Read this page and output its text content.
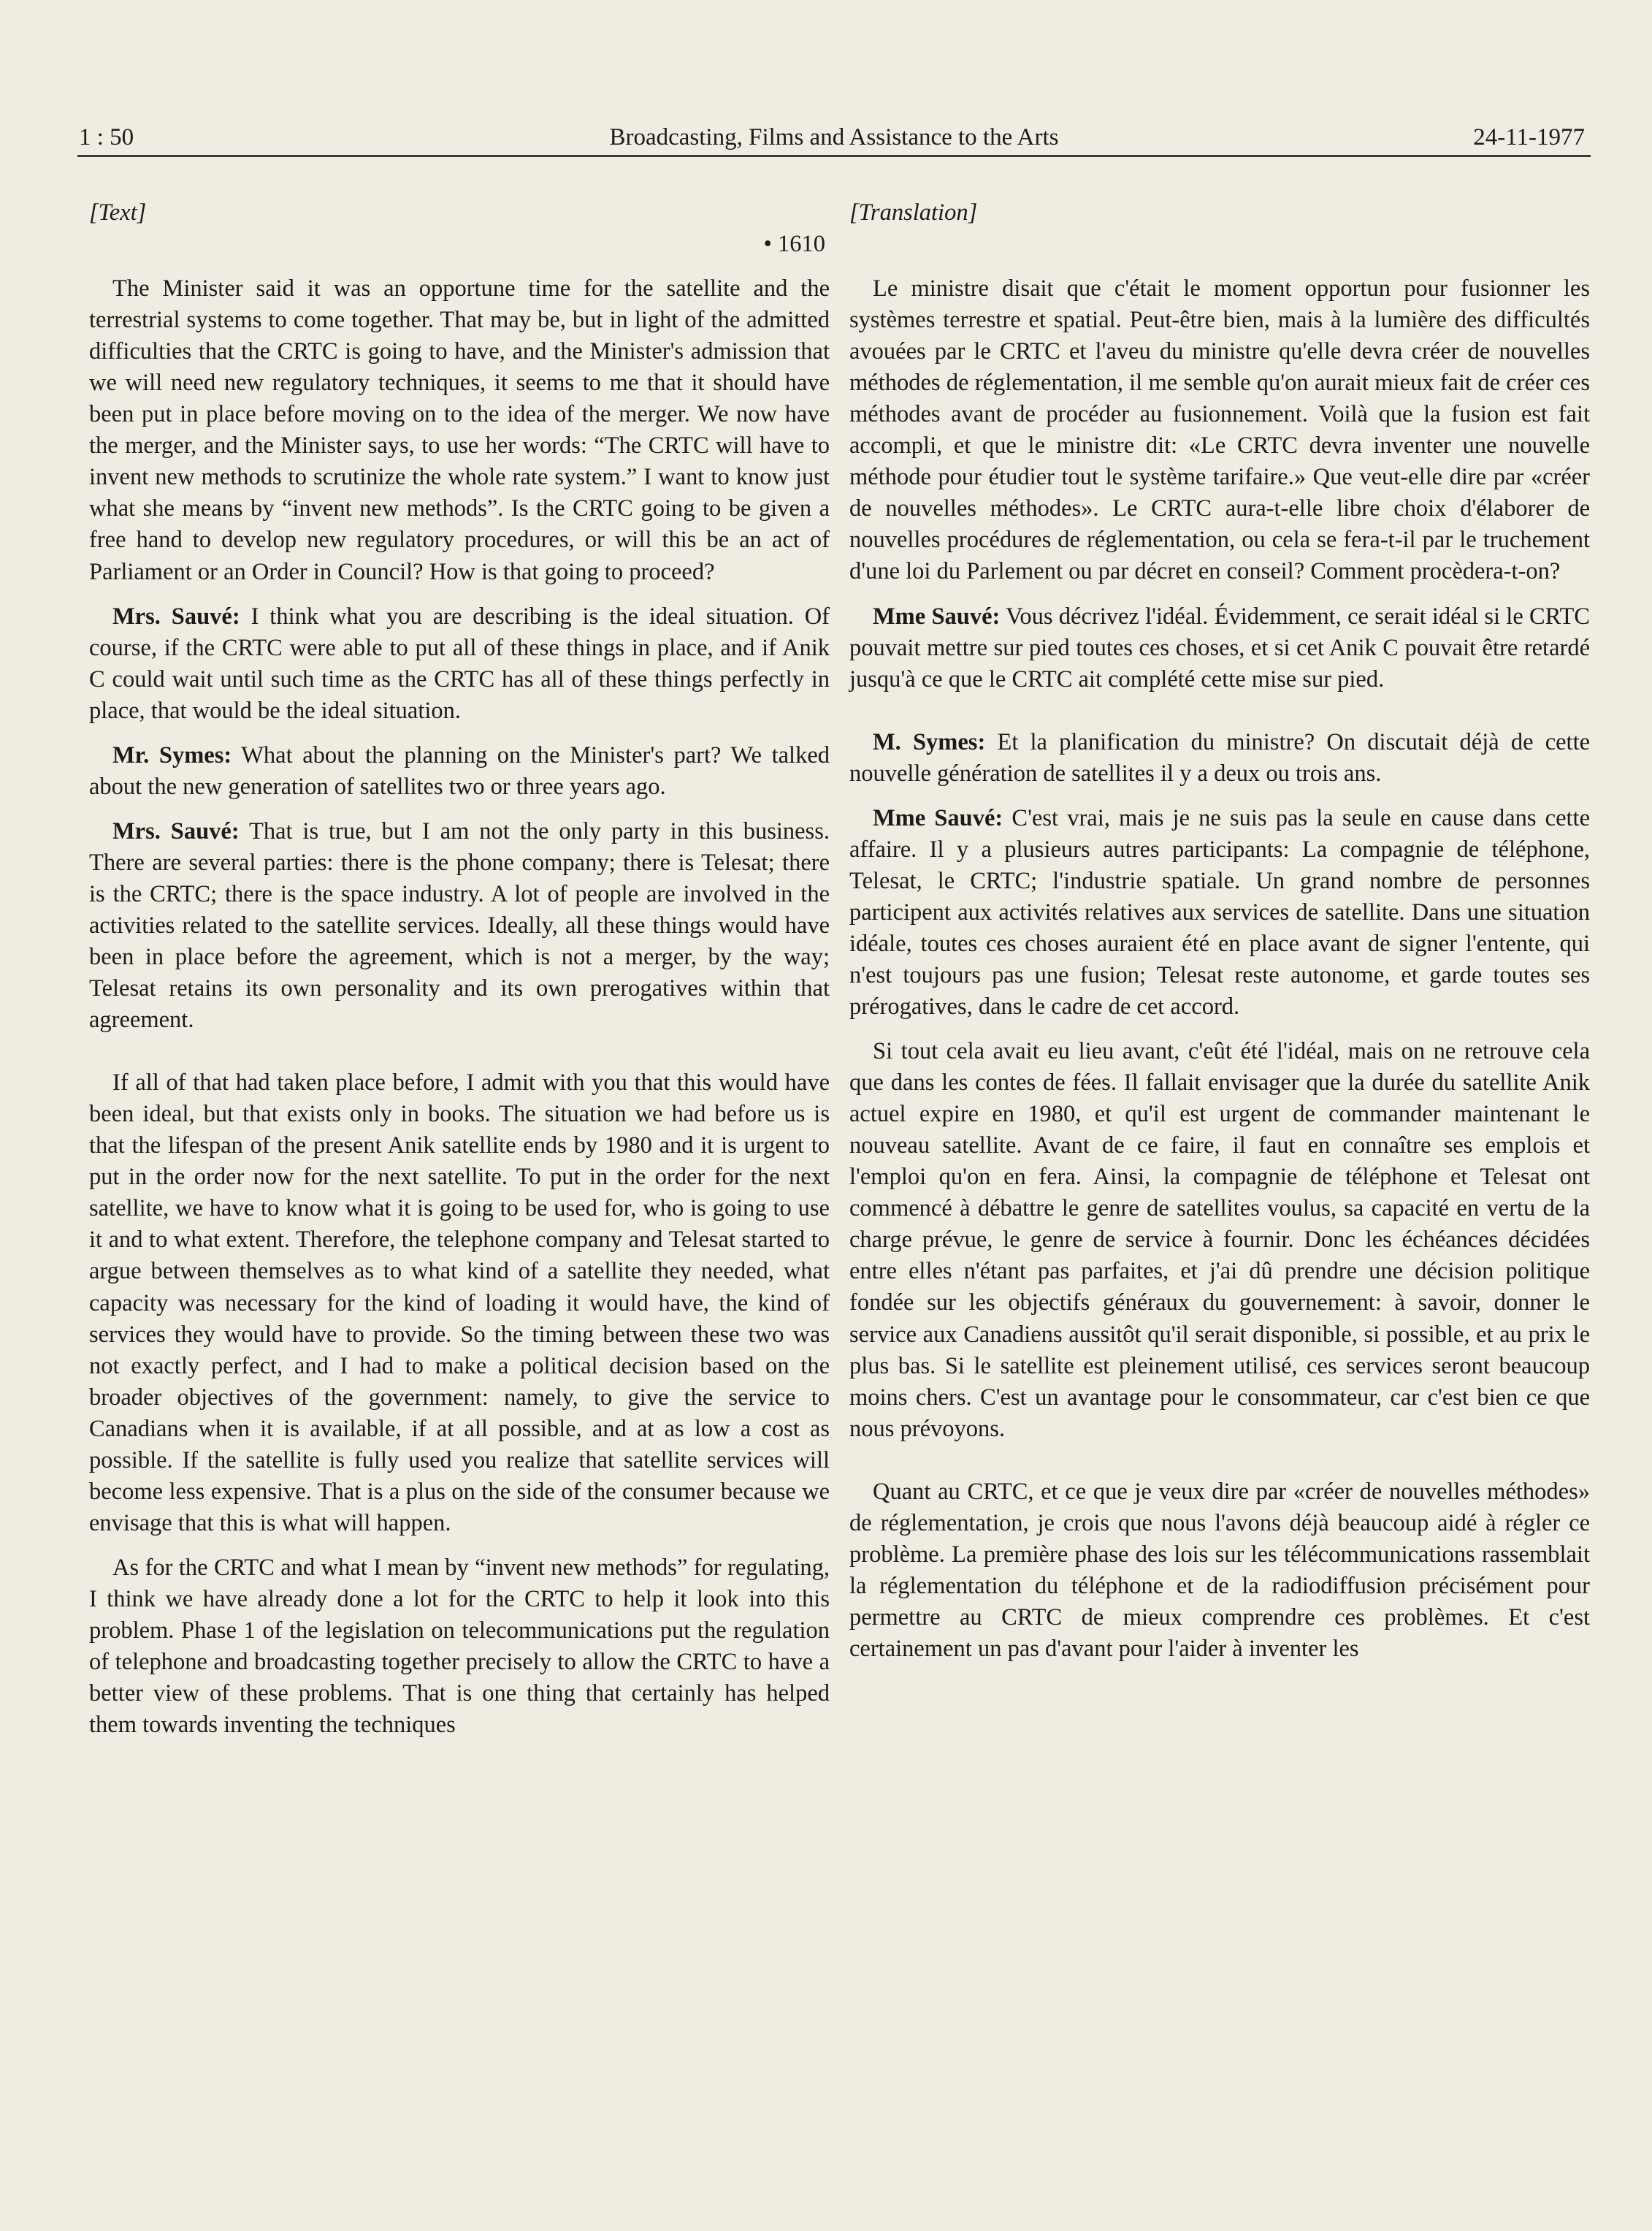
Broadcasting, Films and Assistance to the Arts
1 : 50	24-11-1977

[Text]

• 1610

The Minister said it was an opportune time for the satellite and the terrestrial systems to come together. That may be, but in light of the admitted difficulties that the CRTC is going to have, and the Minister's admission that we will need new regulatory techniques, it seems to me that it should have been put in place before moving on to the idea of the merger. We now have the merger, and the Minister says, to use her words: “The CRTC will have to invent new methods to scrutinize the whole rate system.” I want to know just what she means by “invent new methods”. Is the CRTC going to be given a free hand to develop new regulatory procedures, or will this be an act of Parliament or an Order in Council? How is that going to proceed?

Mrs. Sauvé: I think what you are describing is the ideal situation. Of course, if the CRTC were able to put all of these things in place, and if Anik C could wait until such time as the CRTC has all of these things perfectly in place, that would be the ideal situation.

Mr. Symes: What about the planning on the Minister's part? We talked about the new generation of satellites two or three years ago.

Mrs. Sauvé: That is true, but I am not the only party in this business. There are several parties: there is the phone company; there is Telesat; there is the CRTC; there is the space industry. A lot of people are involved in the activities related to the satellite services. Ideally, all these things would have been in place before the agreement, which is not a merger, by the way; Telesat retains its own personality and its own prerogatives within that agreement.

If all of that had taken place before, I admit with you that this would have been ideal, but that exists only in books. The situation we had before us is that the lifespan of the present Anik satellite ends by 1980 and it is urgent to put in the order now for the next satellite. To put in the order for the next satellite, we have to know what it is going to be used for, who is going to use it and to what extent. Therefore, the telephone company and Telesat started to argue between themselves as to what kind of a satellite they needed, what capacity was necessary for the kind of loading it would have, the kind of services they would have to provide. So the timing between these two was not exactly perfect, and I had to make a political decision based on the broader objectives of the government: namely, to give the service to Canadians when it is available, if at all possible, and at as low a cost as possible. If the satellite is fully used you realize that satellite services will become less expensive. That is a plus on the side of the consumer because we envisage that this is what will happen.

As for the CRTC and what I mean by “invent new methods” for regulating, I think we have already done a lot for the CRTC to help it look into this problem. Phase 1 of the legislation on telecommunications put the regulation of telephone and broadcasting together precisely to allow the CRTC to have a better view of these problems. That is one thing that certainly has helped them towards inventing the techniques

[Translation]

Le ministre disait que c'était le moment opportun pour fusionner les systèmes terrestre et spatial. Peut-être bien, mais à la lumière des difficultés avouées par le CRTC et l'aveu du ministre qu'elle devra créer de nouvelles méthodes de réglementation, il me semble qu'on aurait mieux fait de créer ces méthodes avant de procéder au fusionnement. Voilà que la fusion est fait accompli, et que le ministre dit: «Le CRTC devra inventer une nouvelle méthode pour étudier tout le système tarifaire.» Que veut-elle dire par «créer de nouvelles méthodes». Le CRTC aura-t-elle libre choix d'élaborer de nouvelles procédures de réglementation, ou cela se fera-t-il par le truchement d'une loi du Parlement ou par décret en conseil? Comment procèdera-t-on?

Mme Sauvé: Vous décrivez l'idéal. Évidemment, ce serait idéal si le CRTC pouvait mettre sur pied toutes ces choses, et si cet Anik C pouvait être retardé jusqu'à ce que le CRTC ait complété cette mise sur pied.

M. Symes: Et la planification du ministre? On discutait déjà de cette nouvelle génération de satellites il y a deux ou trois ans.

Mme Sauvé: C'est vrai, mais je ne suis pas la seule en cause dans cette affaire. Il y a plusieurs autres participants: La compagnie de téléphone, Telesat, le CRTC; l'industrie spatiale. Un grand nombre de personnes participent aux activités relatives aux services de satellite. Dans une situation idéale, toutes ces choses auraient été en place avant de signer l'entente, qui n'est toujours pas une fusion; Telesat reste autonome, et garde toutes ses prérogatives, dans le cadre de cet accord.

Si tout cela avait eu lieu avant, c'eût été l'idéal, mais on ne retrouve cela que dans les contes de fées. Il fallait envisager que la durée du satellite Anik actuel expire en 1980, et qu'il est urgent de commander maintenant le nouveau satellite. Avant de ce faire, il faut en connaître ses emplois et l'emploi qu'on en fera. Ainsi, la compagnie de téléphone et Telesat ont commencé à débattre le genre de satellites voulus, sa capacité en vertu de la charge prévue, le genre de service à fournir. Donc les échéances décidées entre elles n'étant pas parfaites, et j'ai dû prendre une décision politique fondée sur les objectifs généraux du gouvernement: à savoir, donner le service aux Canadiens aussitôt qu'il serait disponible, si possible, et au prix le plus bas. Si le satellite est pleinement utilisé, ces services seront beaucoup moins chers. C'est un avantage pour le consommateur, car c'est bien ce que nous prévoyons.

Quant au CRTC, et ce que je veux dire par «créer de nouvelles méthodes» de réglementation, je crois que nous l'avons déjà beaucoup aidé à régler ce problème. La première phase des lois sur les télécommunications rassemblait la réglementation du téléphone et de la radiodiffusion précisément pour permettre au CRTC de mieux comprendre ces problèmes. Et c'est certainement un pas d'avant pour l'aider à inventer les
